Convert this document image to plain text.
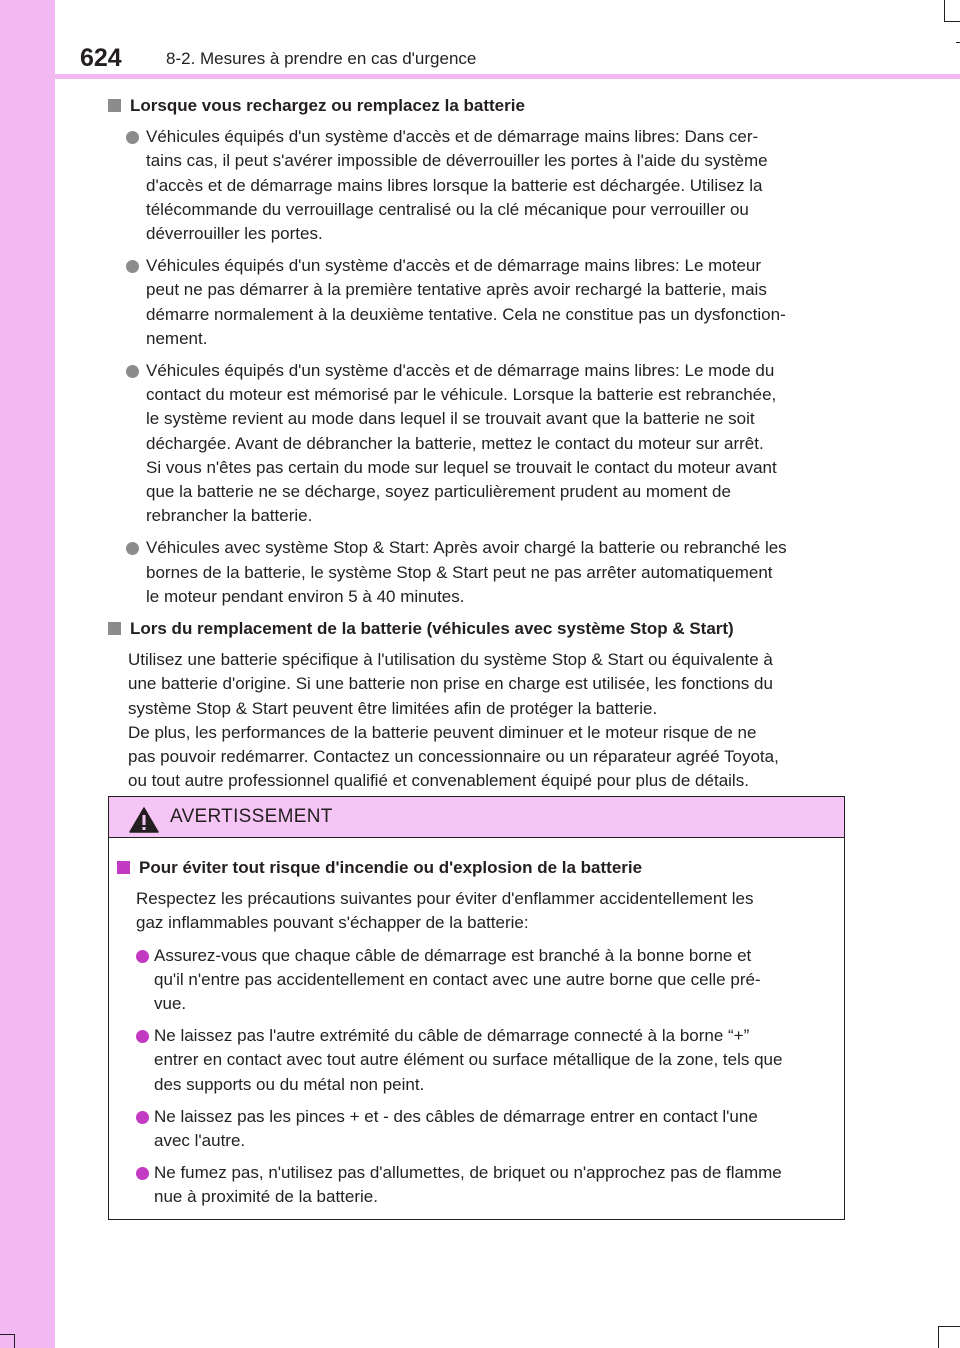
624	8-2. Mesures à prendre en cas d'urgence
Lorsque vous rechargez ou remplacez la batterie
Véhicules équipés d'un système d'accès et de démarrage mains libres: Dans cer-
tains cas, il peut s'avérer impossible de déverrouiller les portes à l'aide du système
d'accès et de démarrage mains libres lorsque la batterie est déchargée. Utilisez la
télécommande du verrouillage centralisé ou la clé mécanique pour verrouiller ou
déverrouiller les portes.
Véhicules équipés d'un système d'accès et de démarrage mains libres: Le moteur
peut ne pas démarrer à la première tentative après avoir rechargé la batterie, mais
démarre normalement à la deuxième tentative. Cela ne constitue pas un dysfonction-
nement.
Véhicules équipés d'un système d'accès et de démarrage mains libres: Le mode du
contact du moteur est mémorisé par le véhicule. Lorsque la batterie est rebranchée,
le système revient au mode dans lequel il se trouvait avant que la batterie ne soit
déchargée. Avant de débrancher la batterie, mettez le contact du moteur sur arrêt.
Si vous n'êtes pas certain du mode sur lequel se trouvait le contact du moteur avant
que la batterie ne se décharge, soyez particulièrement prudent au moment de
rebrancher la batterie.
Véhicules avec système Stop & Start: Après avoir chargé la batterie ou rebranché les
bornes de la batterie, le système Stop & Start peut ne pas arrêter automatiquement
le moteur pendant environ 5 à 40 minutes.
Lors du remplacement de la batterie (véhicules avec système Stop & Start)
Utilisez une batterie spécifique à l'utilisation du système Stop & Start ou équivalente à
une batterie d'origine. Si une batterie non prise en charge est utilisée, les fonctions du
système Stop & Start peuvent être limitées afin de protéger la batterie.
De plus, les performances de la batterie peuvent diminuer et le moteur risque de ne
pas pouvoir redémarrer. Contactez un concessionnaire ou un réparateur agréé Toyota,
ou tout autre professionnel qualifié et convenablement équipé pour plus de détails.
AVERTISSEMENT
Pour éviter tout risque d'incendie ou d'explosion de la batterie
Respectez les précautions suivantes pour éviter d'enflammer accidentellement les
gaz inflammables pouvant s'échapper de la batterie:
Assurez-vous que chaque câble de démarrage est branché à la bonne borne et
qu'il n'entre pas accidentellement en contact avec une autre borne que celle pré-
vue.
Ne laissez pas l'autre extrémité du câble de démarrage connecté à la borne “+”
entrer en contact avec tout autre élément ou surface métallique de la zone, tels que
des supports ou du métal non peint.
Ne laissez pas les pinces + et - des câbles de démarrage entrer en contact l'une
avec l'autre.
Ne fumez pas, n'utilisez pas d'allumettes, de briquet ou n'approchez pas de flamme
nue à proximité de la batterie.
